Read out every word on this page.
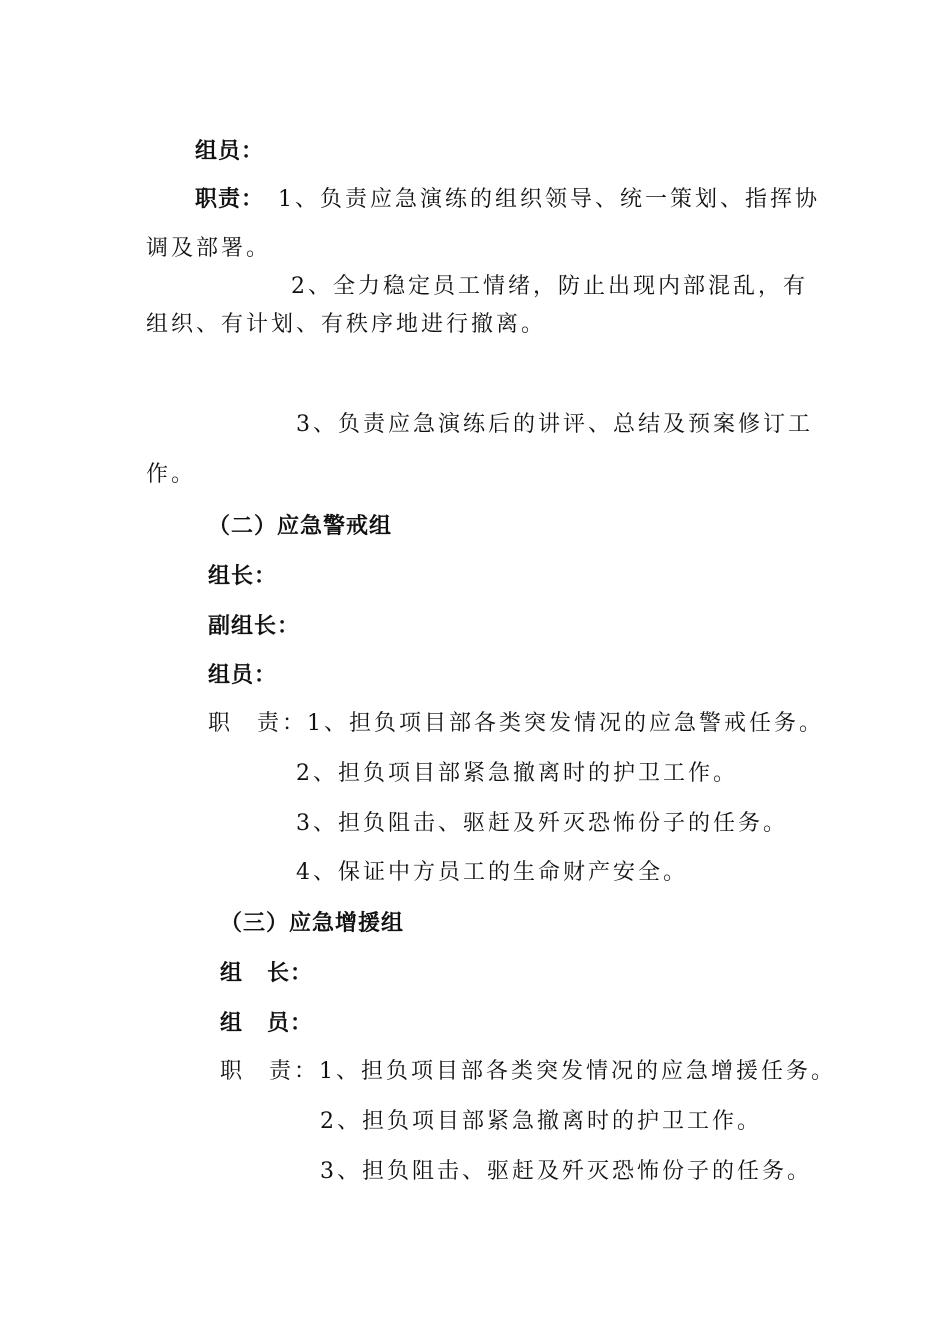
组员：
职责： 1、负责应急演练的组织领导、统一策划、指挥协
调及部署。
2、全力稳定员工情绪，防止出现内部混乱，有
组织、有计划、有秩序地进行撤离。
3、负责应急演练后的讲评、总结及预案修订工
作。
（二）应急警戒组
组长：
副组长：
组员：
职 责：1、担负项目部各类突发情况的应急警戒任务。
2、担负项目部紧急撤离时的护卫工作。
3、担负阻击、驱赶及歼灭恐怖份子的任务。
4、保证中方员工的生命财产安全。
（三）应急增援组
组 长：
组 员：
职 责：1、担负项目部各类突发情况的应急增援任务。
2、担负项目部紧急撤离时的护卫工作。
3、担负阻击、驱赶及歼灭恐怖份子的任务。
